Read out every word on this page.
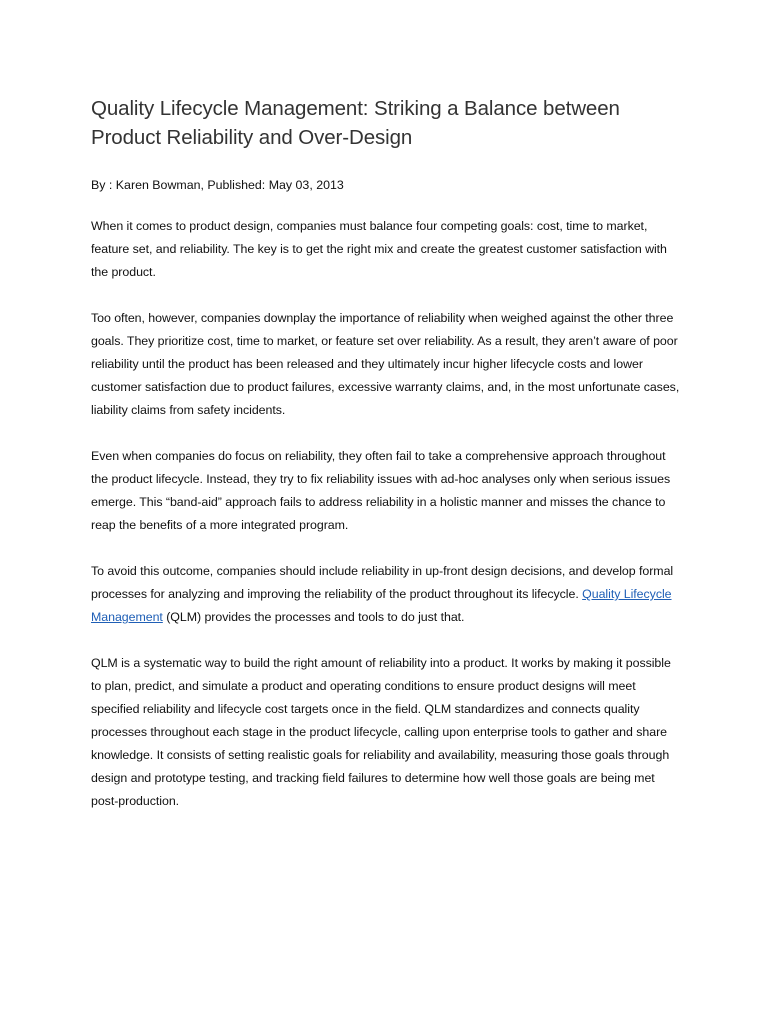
Quality Lifecycle Management: Striking a Balance between Product Reliability and Over-Design

By : Karen Bowman, Published: May 03, 2013

When it comes to product design, companies must balance four competing goals: cost, time to market, feature set, and reliability. The key is to get the right mix and create the greatest customer satisfaction with the product.

Too often, however, companies downplay the importance of reliability when weighed against the other three goals. They prioritize cost, time to market, or feature set over reliability. As a result, they aren’t aware of poor reliability until the product has been released and they ultimately incur higher lifecycle costs and lower customer satisfaction due to product failures, excessive warranty claims, and, in the most unfortunate cases, liability claims from safety incidents.

Even when companies do focus on reliability, they often fail to take a comprehensive approach throughout the product lifecycle. Instead, they try to fix reliability issues with ad-hoc analyses only when serious issues emerge. This “band-aid” approach fails to address reliability in a holistic manner and misses the chance to reap the benefits of a more integrated program.

To avoid this outcome, companies should include reliability in up-front design decisions, and develop formal processes for analyzing and improving the reliability of the product throughout its lifecycle. Quality Lifecycle Management (QLM) provides the processes and tools to do just that.

QLM is a systematic way to build the right amount of reliability into a product. It works by making it possible to plan, predict, and simulate a product and operating conditions to ensure product designs will meet specified reliability and lifecycle cost targets once in the field. QLM standardizes and connects quality processes throughout each stage in the product lifecycle, calling upon enterprise tools to gather and share knowledge. It consists of setting realistic goals for reliability and availability, measuring those goals through design and prototype testing, and tracking field failures to determine how well those goals are being met post-production.
